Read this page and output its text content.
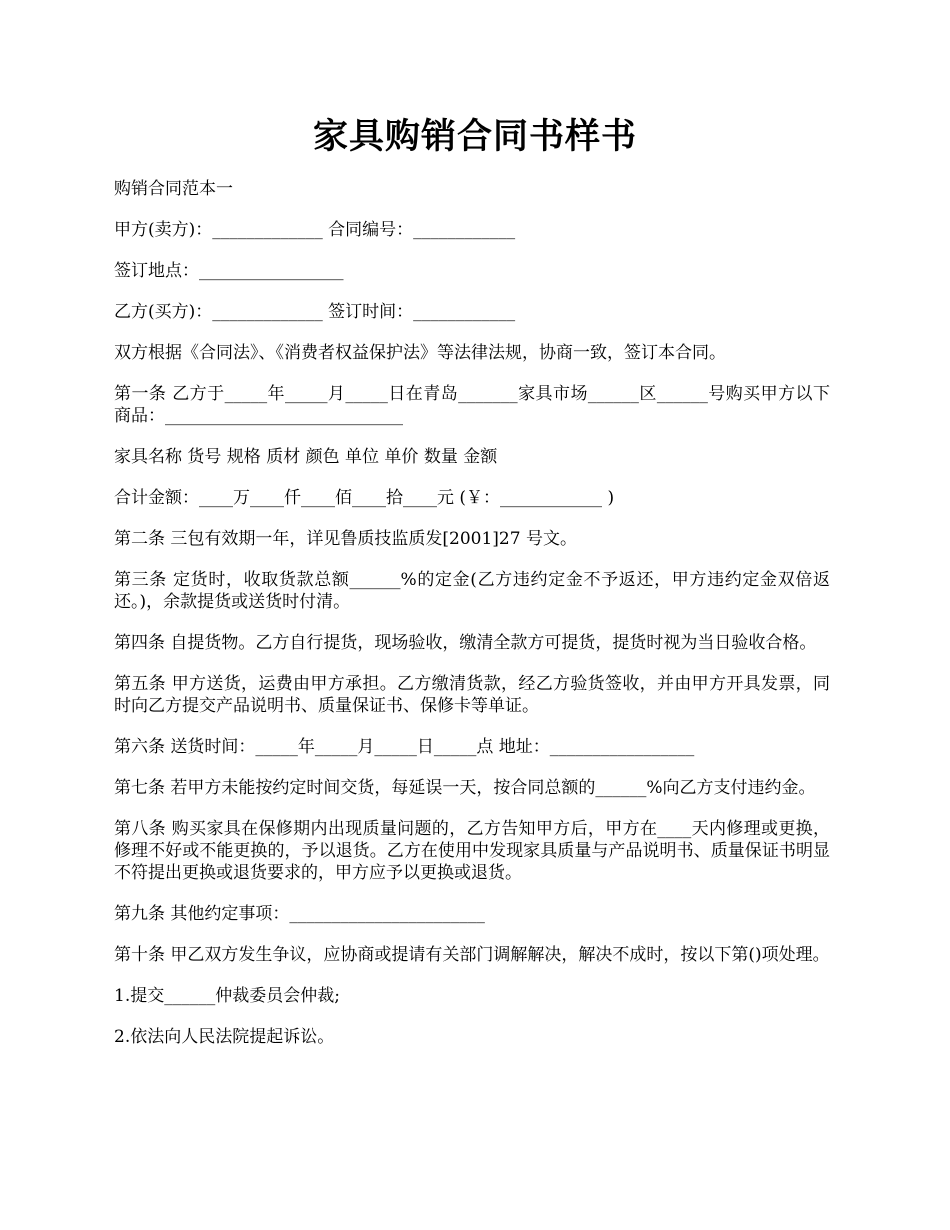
家具购销合同书样书

购销合同范本一

甲方(卖方)：_____________ 合同编号：____________

签订地点：_________________

乙方(买方)：_____________ 签订时间：____________

双方根据《合同法》、《消费者权益保护法》等法律法规，协商一致，签订本合同。

第一条 乙方于_____年_____月_____日在青岛_______家具市场______区______号购买甲方以下商品：____________________________

家具名称 货号 规格 质材 颜色 单位 单价 数量 金额

合计金额：____万____仟____佰____拾____元 (￥：____________ )

第二条 三包有效期一年，详见鲁质技监质发[2001]27 号文。

第三条 定货时，收取货款总额______%的定金(乙方违约定金不予返还，甲方违约定金双倍返还。)，余款提货或送货时付清。

第四条 自提货物。乙方自行提货，现场验收，缴清全款方可提货，提货时视为当日验收合格。

第五条 甲方送货，运费由甲方承担。乙方缴清货款，经乙方验货签收，并由甲方开具发票，同时向乙方提交产品说明书、质量保证书、保修卡等单证。

第六条 送货时间：_____年_____月_____日_____点 地址：_________________

第七条 若甲方未能按约定时间交货，每延误一天，按合同总额的______%向乙方支付违约金。

第八条 购买家具在保修期内出现质量问题的，乙方告知甲方后，甲方在____天内修理或更换，修理不好或不能更换的，予以退货。乙方在使用中发现家具质量与产品说明书、质量保证书明显不符提出更换或退货要求的，甲方应予以更换或退货。

第九条 其他约定事项：_______________________

第十条 甲乙双方发生争议，应协商或提请有关部门调解解决，解决不成时，按以下第()项处理。

1.提交______仲裁委员会仲裁;

2.依法向人民法院提起诉讼。
